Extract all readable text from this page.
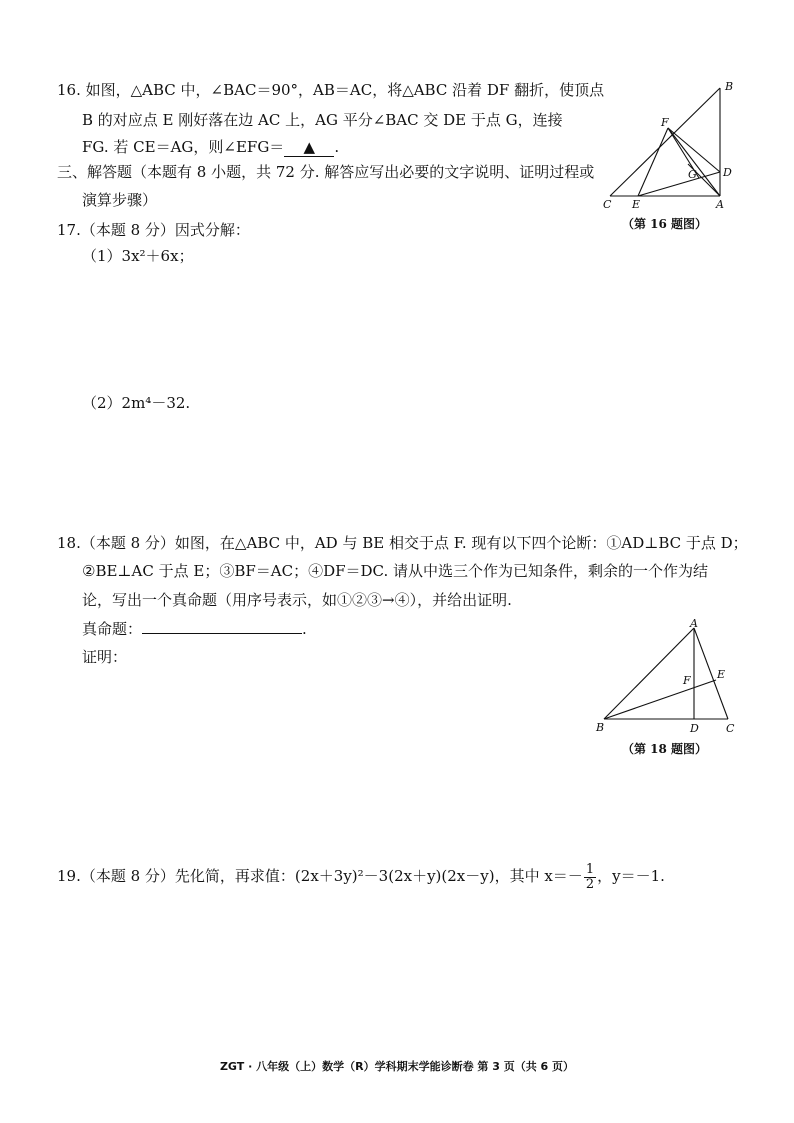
16. 如图，△ABC 中，∠BAC＝90°，AB＝AC，将△ABC 沿着 DF 翻折，使顶点
B 的对应点 E 刚好落在边 AC 上，AG 平分∠BAC 交 DE 于点 G，连接
FG. 若 CE＝AG，则∠EFG＝ ▲ .
B
F
D
G
C E	A
（第 16 题图）
三、解答题（本题有 8 小题，共 72 分. 解答应写出必要的文字说明、证明过程或
演算步骤）
17.（本题 8 分）因式分解：
（1）3x²＋6x；
（2）2m⁴－32.
18.（本题 8 分）如图，在△ABC 中，AD 与 BE 相交于点 F. 现有以下四个论断：①AD⊥BC 于点 D；
②BE⊥AC 于点 E；③BF＝AC；④DF＝DC. 请从中选三个作为已知条件，剩余的一个作为结
论，写出一个真命题（用序号表示，如①②③→④），并给出证明.
真命题：	.
证明：
A
E
F
B	D C
（第 18 题图）
19.（本题 8 分）先化简，再求值：(2x＋3y)²－3(2x＋y)(2x－y)，其中 $x=- \frac{1}{2}$ ，y＝－1.
ZGT · 八年级（上）数学（R）学科期末学能诊断卷 第 3 页（共 6 页）
